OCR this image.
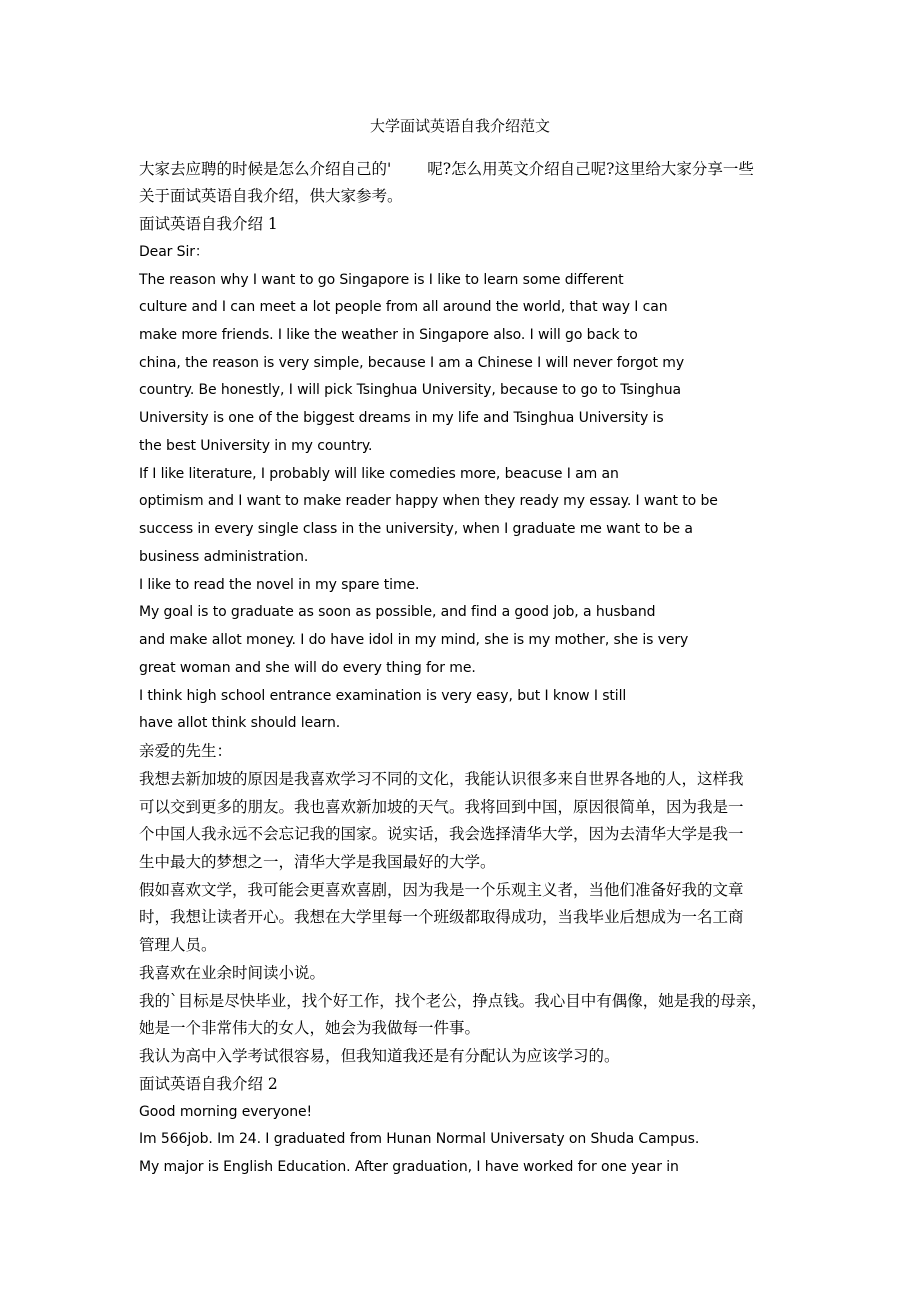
大学面试英语自我介绍范文
大家去应聘的时候是怎么介绍自己的' 呢?怎么用英文介绍自己呢?这里给大家分享一些
关于面试英语自我介绍，供大家参考。
面试英语自我介绍 1
Dear Sir：
The reason why I want to go Singapore is I like to learn some different
culture and I can meet a lot people from all around the world, that way I can
make more friends. I like the weather in Singapore also. I will go back to
china, the reason is very simple, because I am a Chinese I will never forgot my
country. Be honestly, I will pick Tsinghua University, because to go to Tsinghua
University is one of the biggest dreams in my life and Tsinghua University is
the best University in my country.
If I like literature, I probably will like comedies more, beacuse I am an
optimism and I want to make reader happy when they ready my essay. I want to be
success in every single class in the university, when I graduate me want to be a
business administration.
I like to read the novel in my spare time.
My goal is to graduate as soon as possible, and find a good job, a husband
and make allot money. I do have idol in my mind, she is my mother, she is very
great woman and she will do every thing for me.
I think high school entrance examination is very easy, but I know I still
have allot think should learn.
亲爱的先生：
我想去新加坡的原因是我喜欢学习不同的文化，我能认识很多来自世界各地的人，这样我
可以交到更多的朋友。我也喜欢新加坡的天气。我将回到中国，原因很简单，因为我是一
个中国人我永远不会忘记我的国家。说实话，我会选择清华大学，因为去清华大学是我一
生中最大的梦想之一，清华大学是我国最好的大学。
假如喜欢文学，我可能会更喜欢喜剧，因为我是一个乐观主义者，当他们准备好我的文章
时，我想让读者开心。我想在大学里每一个班级都取得成功，当我毕业后想成为一名工商
管理人员。
我喜欢在业余时间读小说。
我的`目标是尽快毕业，找个好工作，找个老公，挣点钱。我心目中有偶像，她是我的母亲，
她是一个非常伟大的女人，她会为我做每一件事。
我认为高中入学考试很容易，但我知道我还是有分配认为应该学习的。
面试英语自我介绍 2
Good morning everyone!
Im 566job. Im 24. I graduated from Hunan Normal Universaty on Shuda Campus.
My major is English Education. After graduation, I have worked for one year in
